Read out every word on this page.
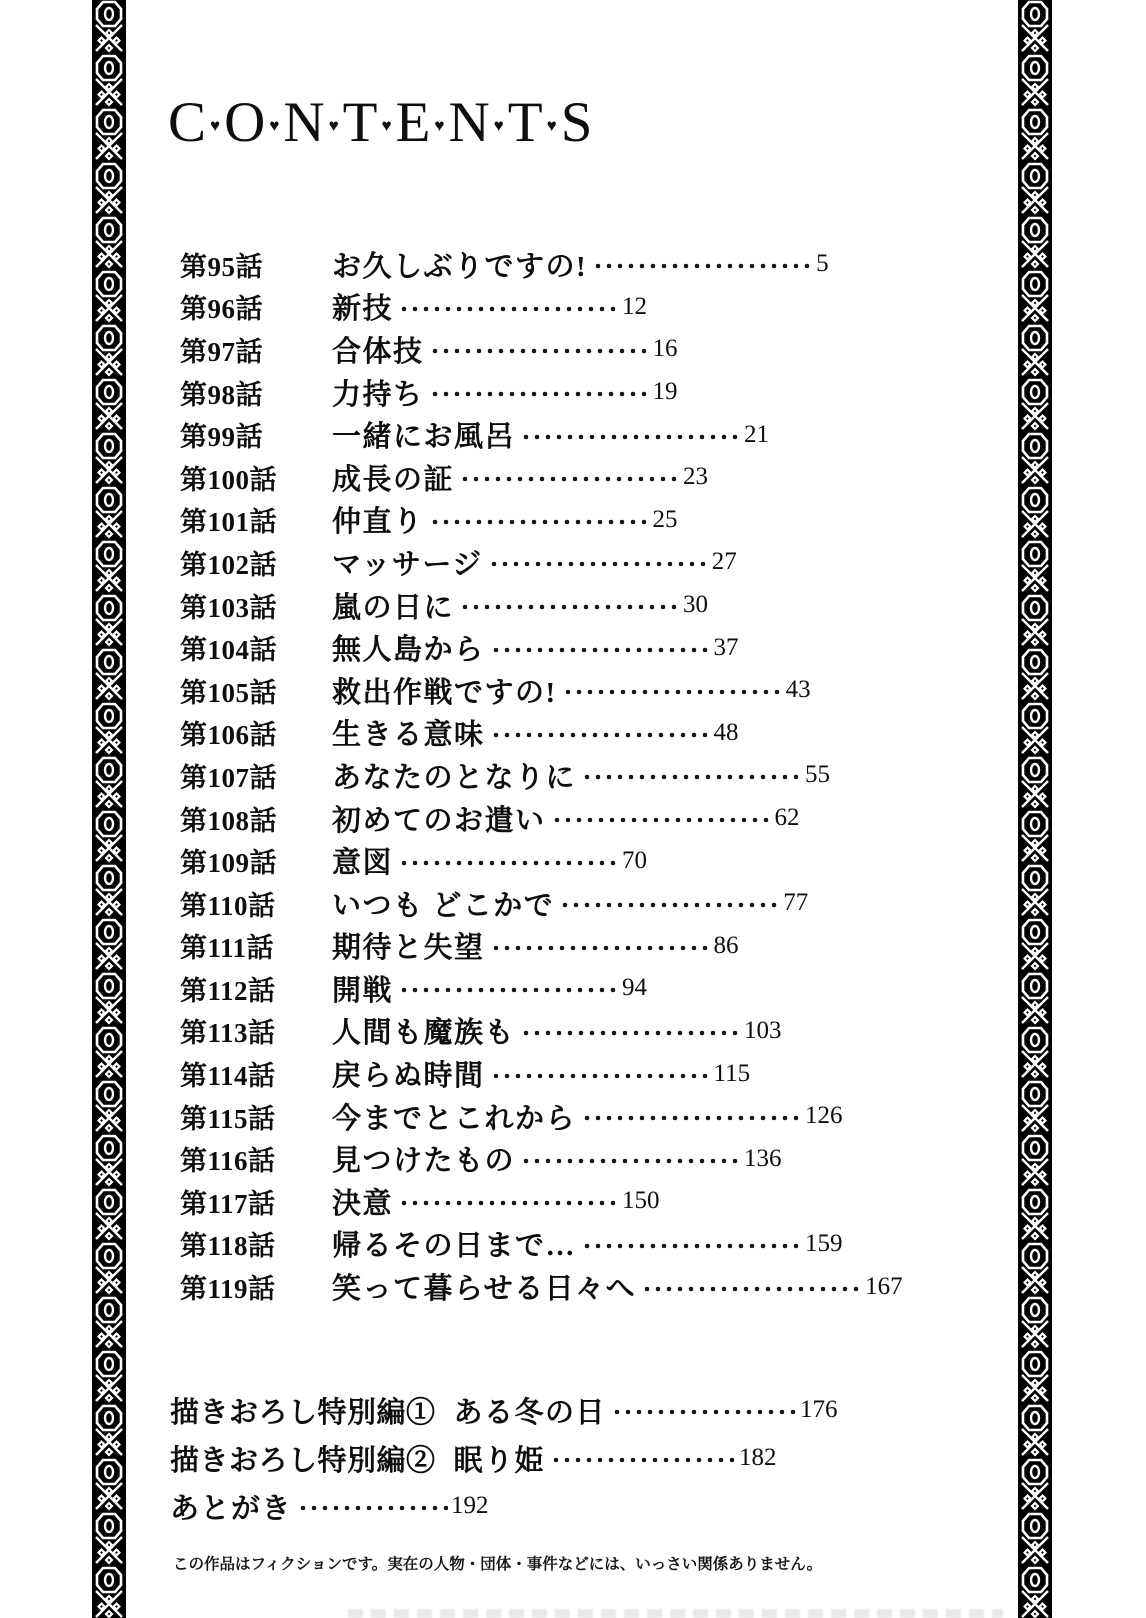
C ♥ O ♥ N ♥ T ♥ E ♥ N ♥ T ♥ S
第95話	お久しぶりですの!	5
第96話	新技	12
第97話	合体技	16
第98話	力持ち	19
第99話	一緒にお風呂	21
第100話	成長の証	23
第101話	仲直り	25
第102話	マッサージ	27
第103話	嵐の日に	30
第104話	無人島から	37
第105話	救出作戦ですの!	43
第106話	生きる意味	48
第107話	あなたのとなりに	55
第108話	初めてのお遣い	62
第109話	意図	70
第110話	いつも どこかで	77
第111話	期待と失望	86
第112話	開戦	94
第113話	人間も魔族も	103
第114話	戻らぬ時間	115
第115話	今までとこれから	126
第116話	見つけたもの	136
第117話	決意	150
第118話	帰るその日まで…	159
第119話	笑って暮らせる日々へ	167
描きおろし特別編① ある冬の日	176
描きおろし特別編② 眠り姫	182
あとがき	192
この作品はフィクションです。実在の人物・団体・事件などには、いっさい関係ありません。
